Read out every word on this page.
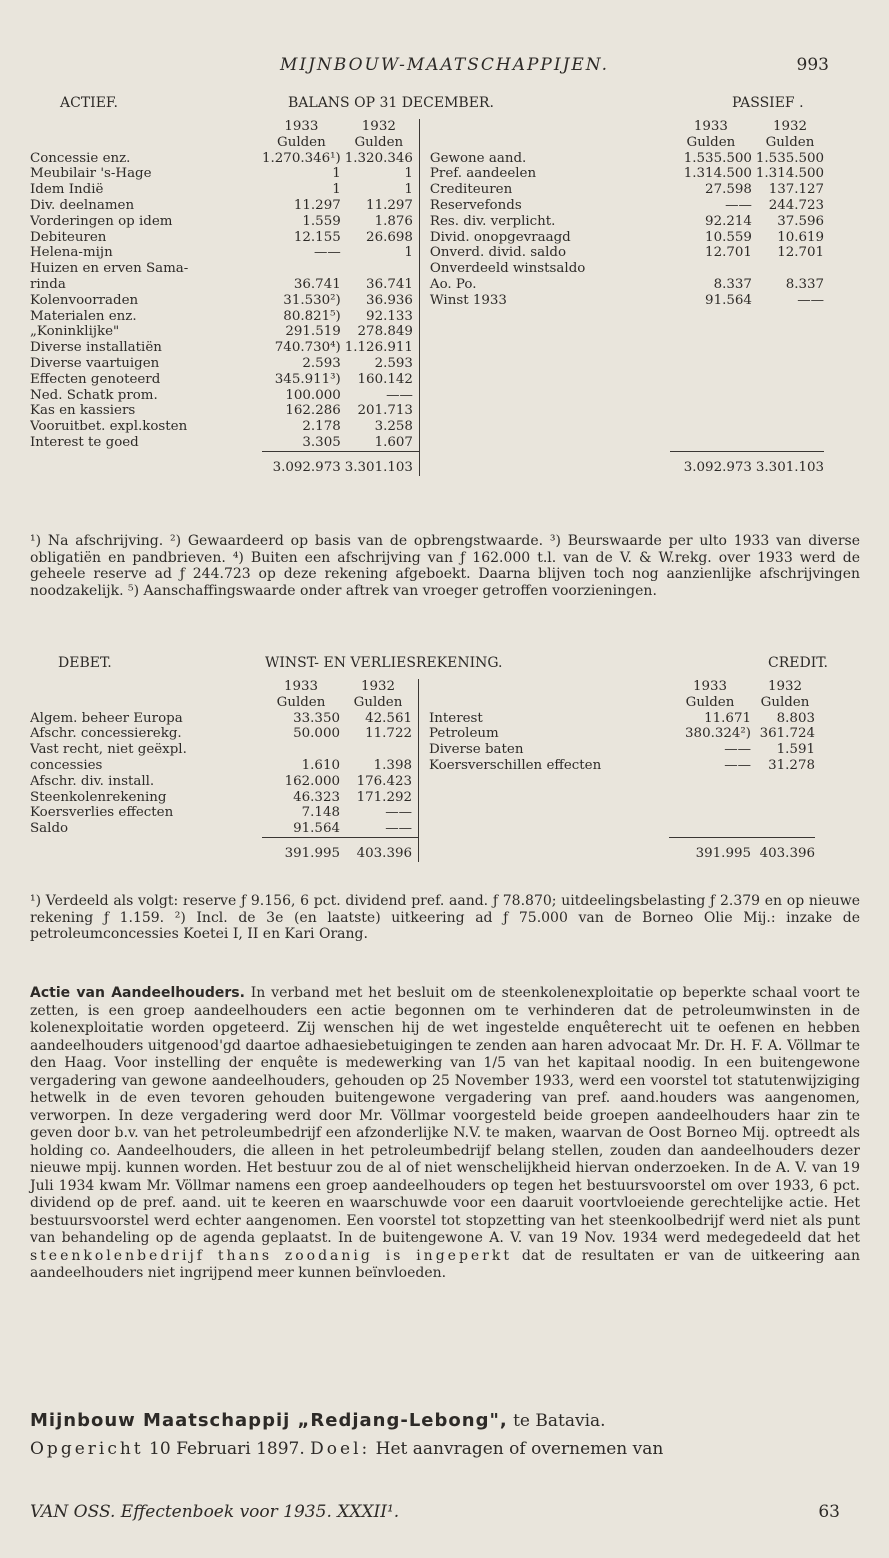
MIJNBOUW-MAATSCHAPPIJEN.	993
ACTIEF.	BALANS OP 31 DECEMBER.	PASSIEF .
	1933	1932			1933	1932
	Gulden	Gulden			Gulden	Gulden
Concessie enz.	1.270.346¹)	1.320.346		Gewone aand.	1.535.500	1.535.500
Meubilair 's-Hage	1	1		Pref. aandeelen	1.314.500	1.314.500
Idem Indië	1	1		Crediteuren	27.598	137.127
Div. deelnamen	11.297	11.297		Reservefonds	——	244.723
Vorderingen op idem	1.559	1.876		Res. div. verplicht.	92.214	37.596
Debiteuren	12.155	26.698		Divid. onopgevraagd	10.559	10.619
Helena-mijn	——	1		Onverd. divid. saldo	12.701	12.701
Huizen en erven Sama-				Onverdeeld winstsaldo		
rinda	36.741	36.741		Ao. Po.	8.337	8.337
Kolenvoorraden	31.530²)	36.936		Winst 1933	91.564	——
Materialen enz.	80.821⁵)	92.133				
„Koninklijke"	291.519	278.849				
Diverse installatiën	740.730⁴)	1.126.911				
Diverse vaartuigen	2.593	2.593				
Effecten genoteerd	345.911³)	160.142				
Ned. Schatk prom.	100.000	——				
Kas en kassiers	162.286	201.713				
Vooruitbet. expl.kosten	2.178	3.258				
Interest te goed	3.305	1.607				
	3.092.973	3.301.103			3.092.973	3.301.103
¹) Na afschrijving. ²) Gewaardeerd op basis van de opbrengstwaarde. ³) Beurswaarde per ulto 1933 van diverse obligatiën en pandbrieven. ⁴) Buiten een afschrijving van ƒ 162.000 t.l. van de V. & W.rekg. over 1933 werd de geheele reserve ad ƒ 244.723 op deze rekening afgeboekt. Daarna blijven toch nog aanzienlijke afschrijvingen noodzakelijk. ⁵) Aanschaffingswaarde onder aftrek van vroeger getroffen voorzieningen.
DEBET.	WINST- EN VERLIESREKENING.	CREDIT.
	1933	1932			1933	1932
	Gulden	Gulden			Gulden	Gulden
Algem. beheer Europa	33.350	42.561		Interest	11.671	8.803
Afschr. concessierekg.	50.000	11.722		Petroleum	380.324²)	361.724
Vast recht, niet geëxpl.				Diverse baten	——	1.591
concessies	1.610	1.398		Koersverschillen effecten	——	31.278
Afschr. div. install.	162.000	176.423				
Steenkolenrekening	46.323	171.292				
Koersverlies effecten	7.148	——				
Saldo	91.564	——				
	391.995	403.396			391.995	403.396
¹) Verdeeld als volgt: reserve ƒ 9.156, 6 pct. dividend pref. aand. ƒ 78.870; uitdeelingsbelasting ƒ 2.379 en op nieuwe rekening ƒ 1.159. ²) Incl. de 3e (en laatste) uitkeering ad ƒ 75.000 van de Borneo Olie Mij.: inzake de petroleumconcessies Koetei I, II en Kari Orang.
Actie van Aandeelhouders. In verband met het besluit om de steenkolenexploitatie op beperkte schaal voort te zetten, is een groep aandeelhouders een actie begonnen om te verhinderen dat de petroleumwinsten in de kolenexploitatie worden opgeteerd. Zij wenschen hij de wet ingestelde enquêterecht uit te oefenen en hebben aandeelhouders uitgenood'gd daartoe adhaesiebetuigingen te zenden aan haren advocaat Mr. Dr. H. F. A. Völlmar te den Haag. Voor instelling der enquête is medewerking van 1/5 van het kapitaal noodig. In een buitengewone vergadering van gewone aandeelhouders, gehouden op 25 November 1933, werd een voorstel tot statutenwijziging hetwelk in de even tevoren gehouden buitengewone vergadering van pref. aand.houders was aangenomen, verworpen. In deze vergadering werd door Mr. Völlmar voorgesteld beide groepen aandeelhouders haar zin te geven door b.v. van het petroleumbedrijf een afzonderlijke N.V. te maken, waarvan de Oost Borneo Mij. optreedt als holding co. Aandeelhouders, die alleen in het petroleumbedrijf belang stellen, zouden dan aandeelhouders dezer nieuwe mpij. kunnen worden. Het bestuur zou de al of niet wenschelijkheid hiervan onderzoeken. In de A. V. van 19 Juli 1934 kwam Mr. Völlmar namens een groep aandeelhouders op tegen het bestuursvoorstel om over 1933, 6 pct. dividend op de pref. aand. uit te keeren en waarschuwde voor een daaruit voortvloeiende gerechtelijke actie. Het bestuursvoorstel werd echter aangenomen. Een voorstel tot stopzetting van het steenkoolbedrijf werd niet als punt van behandeling op de agenda geplaatst. In de buitengewone A. V. van 19 Nov. 1934 werd medegedeeld dat het steenkolenbedrijf thans zoodanig is ingeperkt dat de resultaten er van de uitkeering aan aandeelhouders niet ingrijpend meer kunnen beïnvloeden.
Mijnbouw Maatschappij „Redjang-Lebong", te Batavia.
Opgericht 10 Februari 1897. Doel: Het aanvragen of overnemen van
VAN OSS. Effectenboek voor 1935. XXXII¹.	63
